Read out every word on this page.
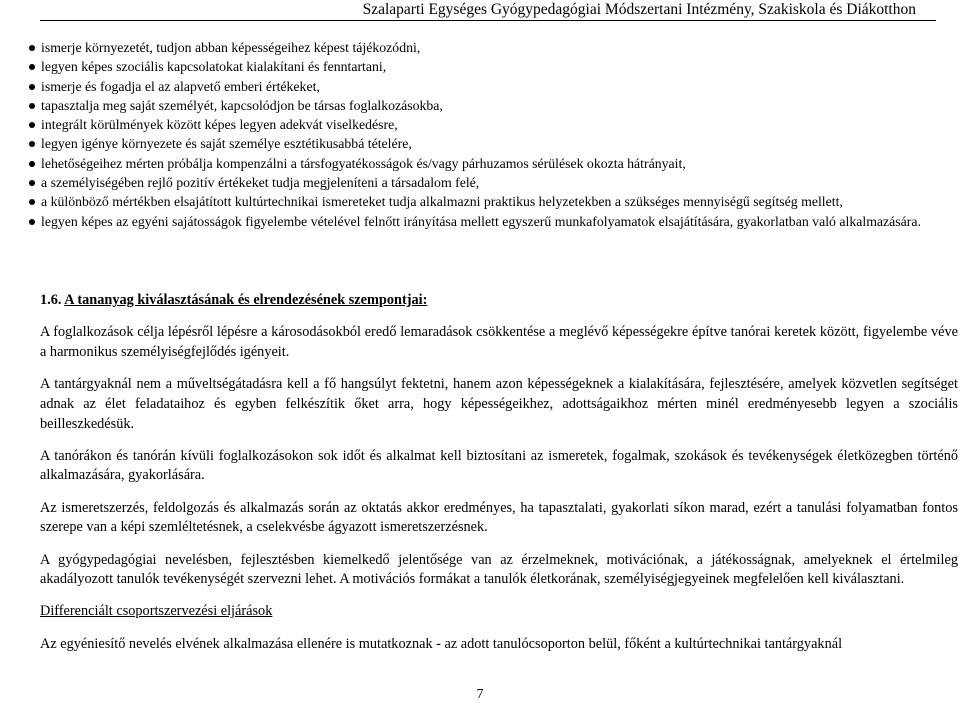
Szalaparti Egységes Gyógypedagógiai Módszertani Intézmény, Szakiskola és Diákotthon
ismerje környezetét, tudjon abban képességeihez képest tájékozódni,
legyen képes szociális kapcsolatokat kialakítani és fenntartani,
ismerje és fogadja el az alapvető emberi értékeket,
tapasztalja meg saját személyét, kapcsolódjon be társas foglalkozásokba,
integrált körülmények között képes legyen adekvát viselkedésre,
legyen igénye környezete és saját személye esztétikusabbá tételére,
lehetőségeihez mérten próbálja kompenzálni a társfogyatékosságok és/vagy párhuzamos sérülések okozta hátrányait,
a személyiségében rejlő pozitív értékeket tudja megjeleníteni a társadalom felé,
a különböző mértékben elsajátított kultúrtechnikai ismereteket tudja alkalmazni praktikus helyzetekben a szükséges mennyiségű segítség mellett,
legyen képes az egyéni sajátosságok figyelembe vételével felnőtt irányítása mellett egyszerű munkafolyamatok elsajátítására, gyakorlatban való alkalmazására.

1.6. A tananyag kiválasztásának és elrendezésének szempontjai:

A foglalkozások célja lépésről lépésre a károsodásokból eredő lemaradások csökkentése a meglévő képességekre építve tanórai keretek között, figyelembe véve a harmonikus személyiségfejlődés igényeit.

A tantárgyaknál nem a műveltségátadásra kell a fő hangsúlyt fektetni, hanem azon képességeknek a kialakítására, fejlesztésére, amelyek közvetlen segítséget adnak az élet feladataihoz és egyben felkészítik őket arra, hogy képességeikhez, adottságaikhoz mérten minél eredményesebb legyen a szociális beilleszkedésük.

A tanórákon és tanórán kívüli foglalkozásokon sok időt és alkalmat kell biztosítani az ismeretek, fogalmak, szokások és tevékenységek életközegben történő alkalmazására, gyakorlására.

Az ismeretszerzés, feldolgozás és alkalmazás során az oktatás akkor eredményes, ha tapasztalati, gyakorlati síkon marad, ezért a tanulási folyamatban fontos szerepe van a képi szemléltetésnek, a cselekvésbe ágyazott ismeretszerzésnek.

A gyógypedagógiai nevelésben, fejlesztésben kiemelkedő jelentősége van az érzelmeknek, motivációnak, a játékosságnak, amelyeknek el értelmileg akadályozott tanulók tevékenységét szervezni lehet. A motivációs formákat a tanulók életkorának, személyiségjegyeinek megfelelően kell kiválasztani.

Differenciált csoportszervezési eljárások

Az egyéniesítő nevelés elvének alkalmazása ellenére is mutatkoznak - az adott tanulócsoporton belül, főként a kultúrtechnikai tantárgyaknál

7
